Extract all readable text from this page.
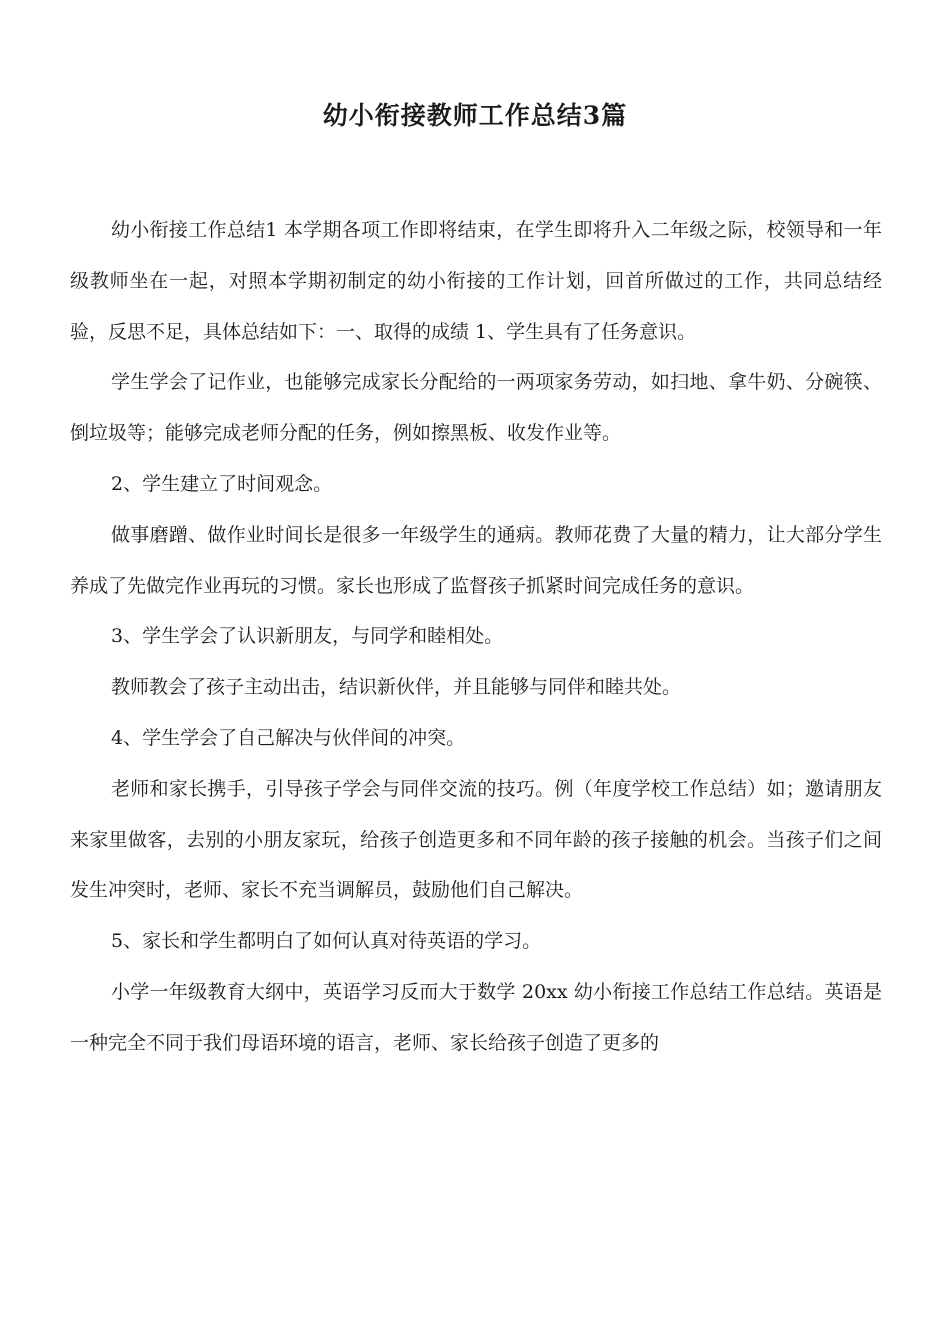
幼小衔接教师工作总结3篇

幼小衔接工作总结1 本学期各项工作即将结束，在学生即将升入二年级之际，校领导和一年级教师坐在一起，对照本学期初制定的幼小衔接的工作计划，回首所做过的工作，共同总结经验，反思不足，具体总结如下：一、取得的成绩 1、学生具有了任务意识。

学生学会了记作业，也能够完成家长分配给的一两项家务劳动，如扫地、拿牛奶、分碗筷、倒垃圾等；能够完成老师分配的任务，例如擦黑板、收发作业等。

2、学生建立了时间观念。

做事磨蹭、做作业时间长是很多一年级学生的通病。教师花费了大量的精力，让大部分学生养成了先做完作业再玩的习惯。家长也形成了监督孩子抓紧时间完成任务的意识。

3、学生学会了认识新朋友，与同学和睦相处。

教师教会了孩子主动出击，结识新伙伴，并且能够与同伴和睦共处。

4、学生学会了自己解决与伙伴间的冲突。

老师和家长携手，引导孩子学会与同伴交流的技巧。例（年度学校工作总结）如；邀请朋友来家里做客，去别的小朋友家玩，给孩子创造更多和不同年龄的孩子接触的机会。当孩子们之间发生冲突时，老师、家长不充当调解员，鼓励他们自己解决。

5、家长和学生都明白了如何认真对待英语的学习。

小学一年级教育大纲中，英语学习反而大于数学 20xx 幼小衔接工作总结工作总结。英语是一种完全不同于我们母语环境的语言，老师、家长给孩子创造了更多的
